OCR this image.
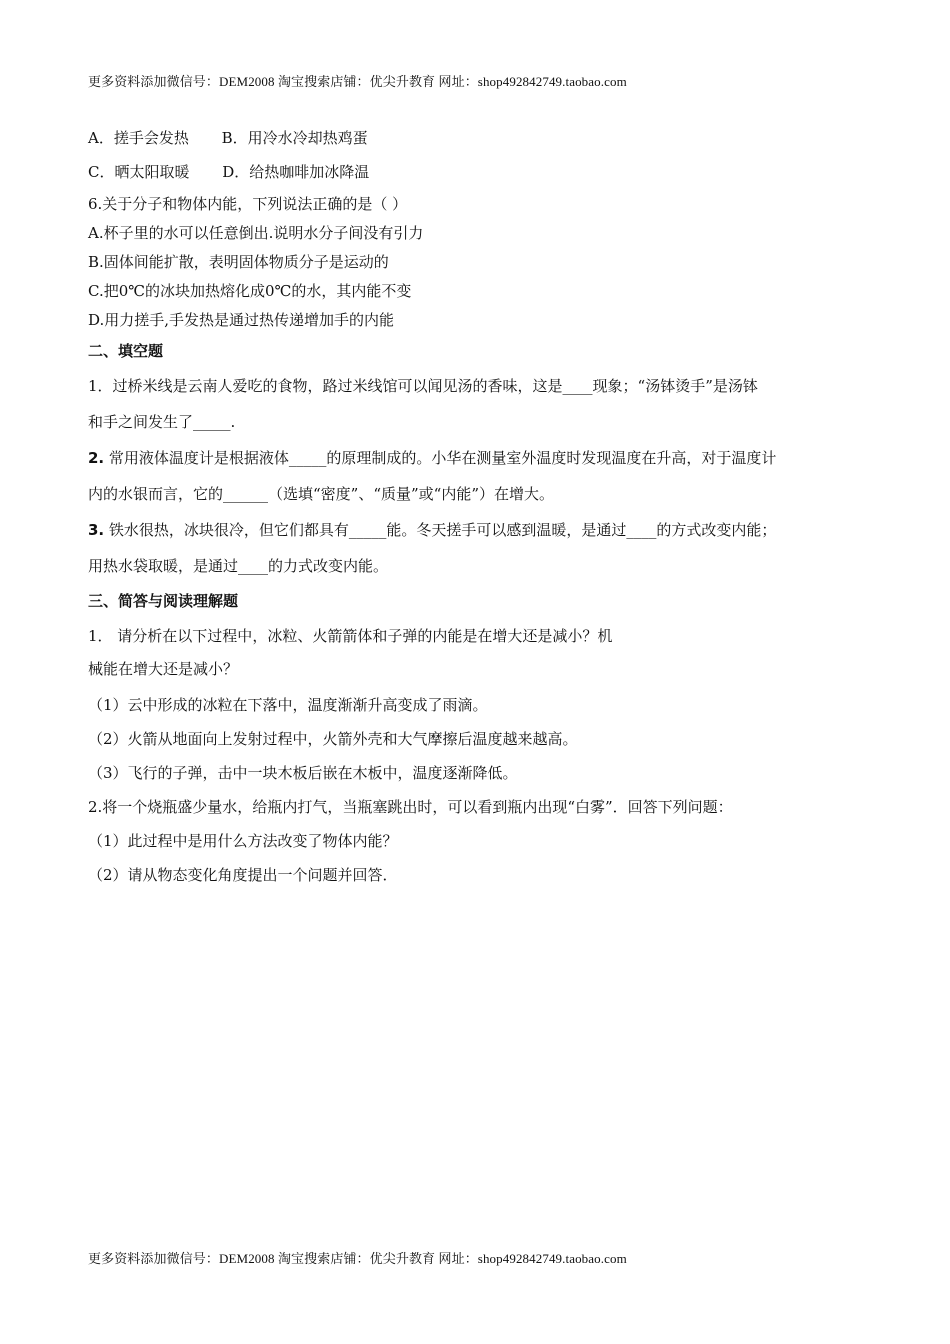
更多资料添加微信号：DEM2008 淘宝搜索店铺：优尖升教育 网址：shop492842749.taobao.com
A．搓手会发热 B．用冷水冷却热鸡蛋
C．晒太阳取暖 D．给热咖啡加冰降温
6.关于分子和物体内能，下列说法正确的是（ ）
A.杯子里的水可以任意倒出.说明水分子间没有引力
B.固体间能扩散，表明固体物质分子是运动的
C.把0℃的冰块加热熔化成0℃的水，其内能不变
D.用力搓手,手发热是通过热传递增加手的内能
二、填空题
1．过桥米线是云南人爱吃的食物，路过米线馆可以闻见汤的香味，这是____现象；“汤钵烫手”是汤钵
和手之间发生了_____.
2. 常用液体温度计是根据液体_____的原理制成的。小华在测量室外温度时发现温度在升高，对于温度计
内的水银而言，它的______（选填“密度”、“质量”或“内能”）在增大。
3. 铁水很热，冰块很冷，但它们都具有_____能。冬天搓手可以感到温暖，是通过____的方式改变内能；
用热水袋取暖，是通过____的力式改变内能。
三、简答与阅读理解题
1． 请分析在以下过程中，冰粒、火箭箭体和子弹的内能是在增大还是减小？机
械能在增大还是减小？
（1）云中形成的冰粒在下落中，温度渐渐升高变成了雨滴。
（2）火箭从地面向上发射过程中，火箭外壳和大气摩擦后温度越来越高。
（3）飞行的子弹，击中一块木板后嵌在木板中，温度逐渐降低。
2.将一个烧瓶盛少量水，给瓶内打气，当瓶塞跳出时，可以看到瓶内出现“白雾”．回答下列问题：
（1）此过程中是用什么方法改变了物体内能？
（2）请从物态变化角度提出一个问题并回答．
更多资料添加微信号：DEM2008 淘宝搜索店铺：优尖升教育 网址：shop492842749.taobao.com
